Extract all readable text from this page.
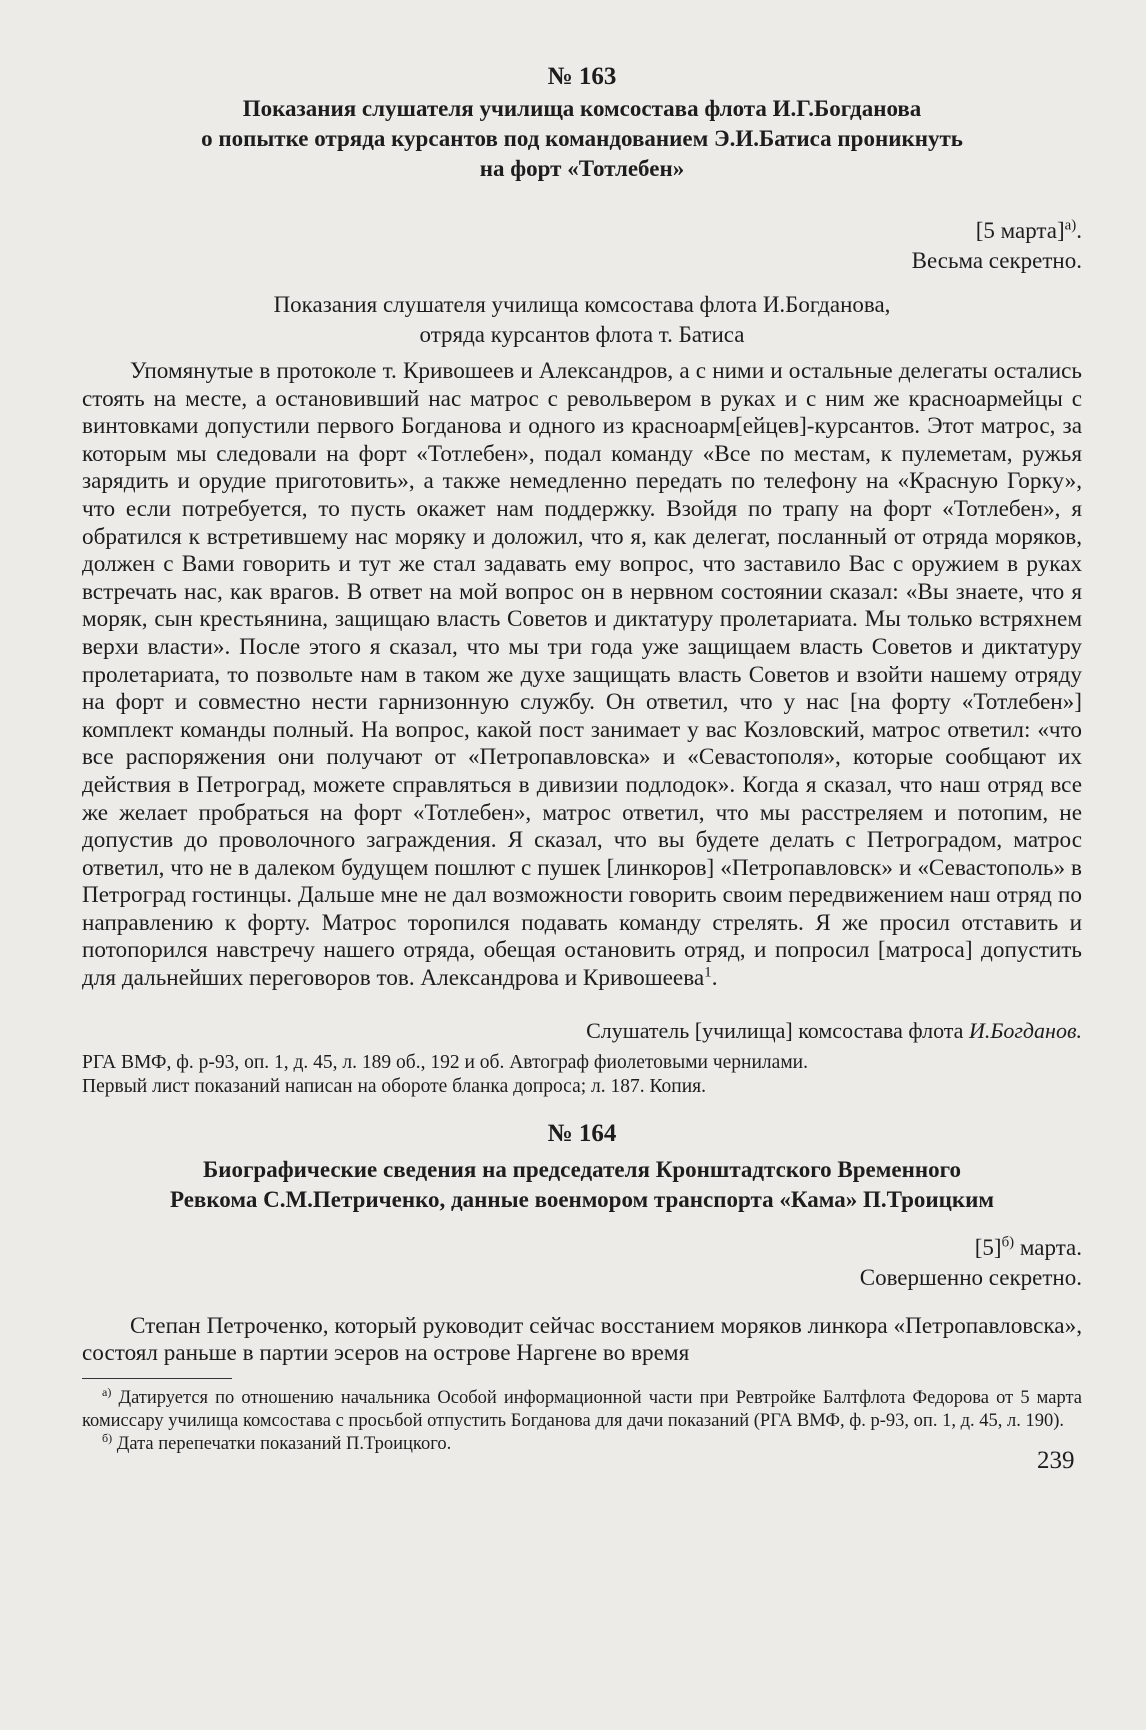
№ 163

Показания слушателя училища комсостава флота И.Г.Богданова

о попытке отряда курсантов под командованием Э.И.Батиса проникнуть

на форт «Тотлебен»

[5 марта]$^{а)}$.

Весьма секретно.

Показания слушателя училища комсостава флота И.Богданова,

отряда курсантов флота т. Батиса

Упомянутые в протоколе т. Кривошеев и Александров, а с ними и остальные делегаты остались стоять на месте, а остановивший нас матрос с револьвером в руках и с ним же красноармейцы с винтовками допустили первого Богданова и одного из красноарм[ейцев]-курсантов. Этот матрос, за которым мы следовали на форт «Тотлебен», подал команду «Все по местам, к пулеметам, ружья зарядить и орудие приготовить», а также немедленно передать по телефону на «Красную Горку», что если потребуется, то пусть окажет нам поддержку. Взойдя по трапу на форт «Тотлебен», я обратился к встретившему нас моряку и доложил, что я, как делегат, посланный от отряда моряков, должен с Вами говорить и тут же стал задавать ему вопрос, что заставило Вас с оружием в руках встречать нас, как врагов. В ответ на мой вопрос он в нервном состоянии сказал: «Вы знаете, что я моряк, сын крестьянина, защищаю власть Советов и диктатуру пролетариата. Мы только встряхнем верхи власти». После этого я сказал, что мы три года уже защищаем власть Советов и диктатуру пролетариата, то позвольте нам в таком же духе защищать власть Советов и взойти нашему отряду на форт и совместно нести гарнизонную службу. Он ответил, что у нас [на форту «Тотлебен»] комплект команды полный. На вопрос, какой пост занимает у вас Козловский, матрос ответил: «что все распоряжения они получают от «Петропавловска» и «Севастополя», которые сообщают их действия в Петроград, можете справляться в дивизии подлодок». Когда я сказал, что наш отряд все же желает пробраться на форт «Тотлебен», матрос ответил, что мы расстреляем и потопим, не допустив до проволочного заграждения. Я сказал, что вы будете делать с Петроградом, матрос ответил, что не в далеком будущем пошлют с пушек [линкоров] «Петропавловск» и «Севастополь» в Петроград гостинцы. Дальше мне не дал возможности говорить своим передвижением наш отряд по направлению к форту. Матрос торопился подавать команду стрелять. Я же просил отставить и потопорился навстречу нашего отряда, обещая остановить отряд, и попросил [матроса] допустить для дальнейших переговоров тов. Александрова и Кривошеева$^1$.

Слушатель [училища] комсостава флота И.Богданов.

РГА ВМФ, ф. р-93, оп. 1, д. 45, л. 189 об., 192 и об. Автограф фиолетовыми чернилами.

Первый лист показаний написан на обороте бланка допроса; л. 187. Копия.

№ 164

Биографические сведения на председателя Кронштадтского Временного

Ревкома С.М.Петриченко, данные военмором транспорта «Кама» П.Троицким

$[5]^{б)}$ марта.

Совершенно секретно.

Степан Петроченко, который руководит сейчас восстанием моряков линкора «Петропавловска», состоял раньше в партии эсеров на острове Наргене во время

$^{а)}$ Датируется по отношению начальника Особой информационной части при Ревтройке Балтфлота Федорова от 5 марта комиссару училища комсостава с просьбой отпустить Богданова для дачи показаний (РГА ВМФ, ф. р-93, оп. 1, д. 45, л. 190).

$^{б)}$ Дата перепечатки показаний П.Троицкого.

239
